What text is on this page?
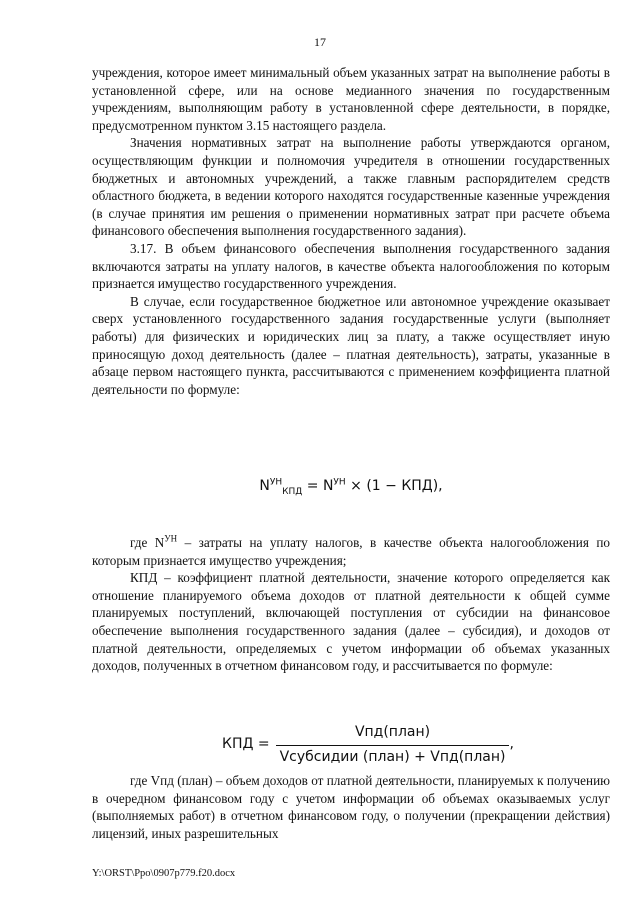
17

учреждения, которое имеет минимальный объем указанных затрат на выполнение работы в установленной сфере, или на основе медианного значения по государственным учреждениям, выполняющим работу в установленной сфере деятельности, в порядке, предусмотренном пунктом 3.15 настоящего раздела.

Значения нормативных затрат на выполнение работы утверждаются органом, осуществляющим функции и полномочия учредителя в отношении государственных бюджетных и автономных учреждений, а также главным распорядителем средств областного бюджета, в ведении которого находятся государственные казенные учреждения (в случае принятия им решения о применении нормативных затрат при расчете объема финансового обеспечения выполнения государственного задания).

3.17. В объем финансового обеспечения выполнения государственного задания включаются затраты на уплату налогов, в качестве объекта налогообложения по которым признается имущество государственного учреждения.

В случае, если государственное бюджетное или автономное учреждение оказывает сверх установленного государственного задания государственные услуги (выполняет работы) для физических и юридических лиц за плату, а также осуществляет иную приносящую доход деятельность (далее – платная деятельность), затраты, указанные в абзаце первом настоящего пункта, рассчитываются с применением коэффициента платной деятельности по формуле:

$N^{УН}_{КПД} = N^{УН} \times (1 - КПД)$,

где $N^{УН}$ – затраты на уплату налогов, в качестве объекта налогообложения по которым признается имущество учреждения;

КПД – коэффициент платной деятельности, значение которого определяется как отношение планируемого объема доходов от платной деятельности к общей сумме планируемых поступлений, включающей поступления от субсидии на финансовое обеспечение выполнения государственного задания (далее – субсидия), и доходов от платной деятельности, определяемых с учетом информации об объемах указанных доходов, полученных в отчетном финансовом году, и рассчитывается по формуле:

КПД = $\frac{\text{Vпд(план)}}{\text{Vсубсидии (план) + Vпд(план)}}$ ,

где Vпд (план) – объем доходов от платной деятельности, планируемых к получению в очередном финансовом году с учетом информации об объемах оказываемых услуг (выполняемых работ) в отчетном финансовом году, о получении (прекращении действия) лицензий, иных разрешительных

Y:\ORST\Ppo\0907p779.f20.docx
